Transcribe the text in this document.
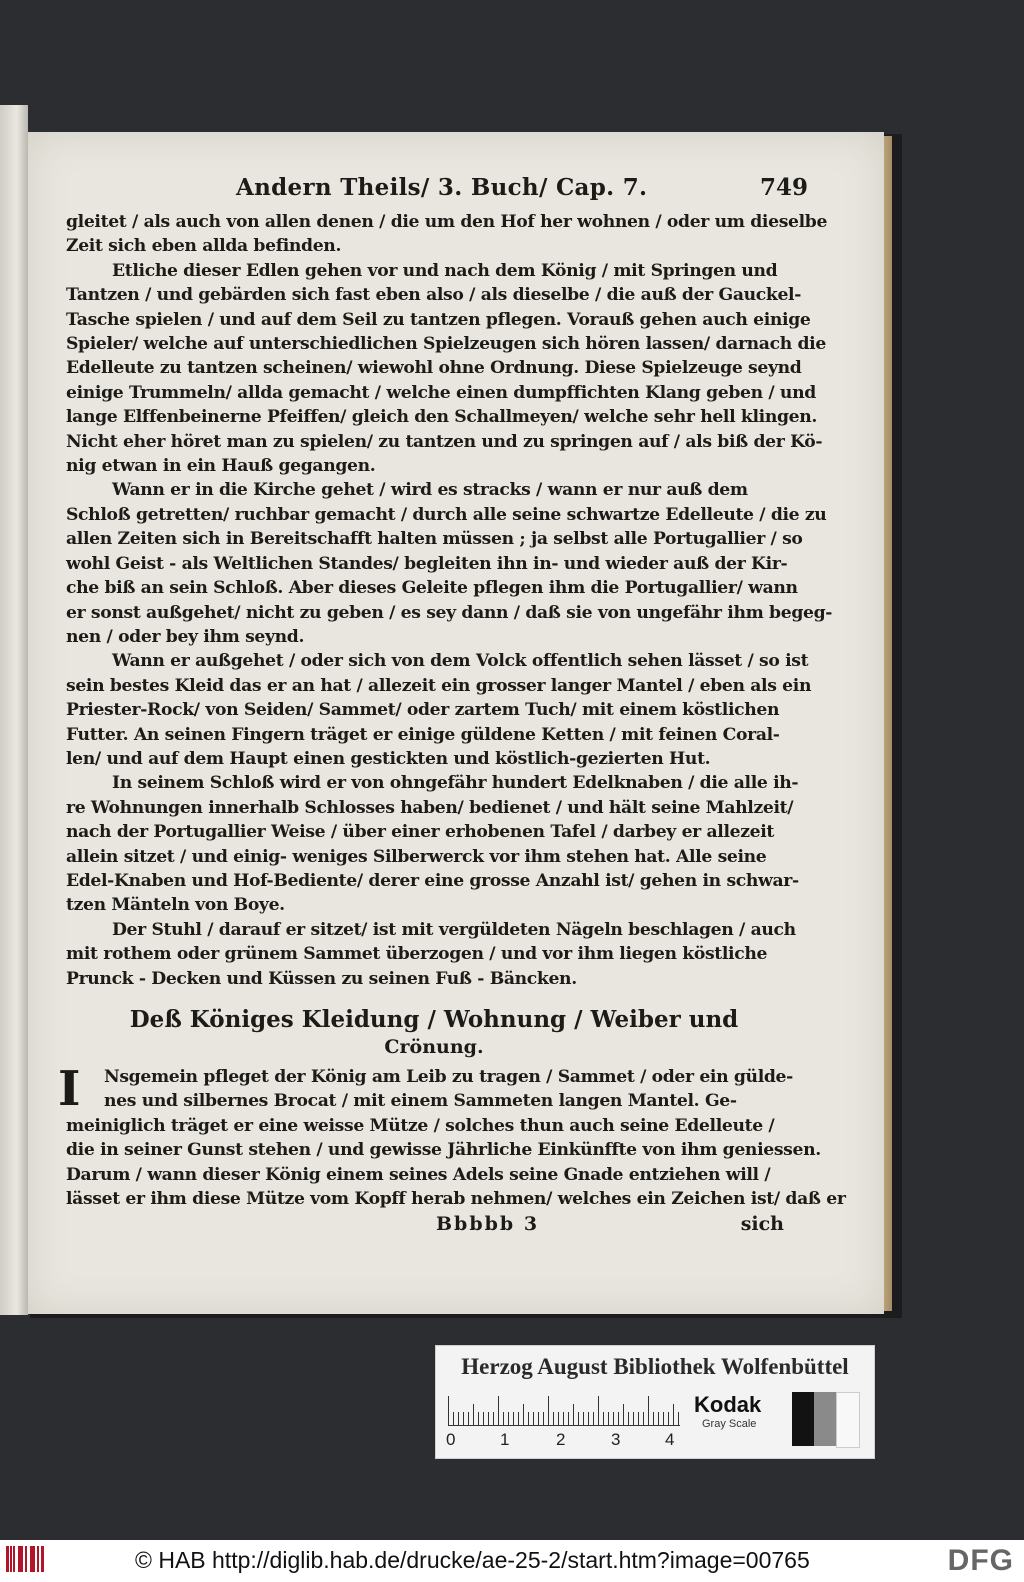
Andern Theils/ 3. Buch/ Cap. 7.	749
gleitet / als auch von allen denen / die um den Hof her wohnen / oder um dieselbe
Zeit sich eben allda befinden.
Etliche dieser Edlen gehen vor und nach dem König / mit Springen und
Tantzen / und gebärden sich fast eben also / als dieselbe / die auß der Gauckel-
Tasche spielen / und auf dem Seil zu tantzen pflegen. Vorauß gehen auch einige
Spieler/ welche auf unterschiedlichen Spielzeugen sich hören lassen/ darnach die
Edelleute zu tantzen scheinen/ wiewohl ohne Ordnung. Diese Spielzeuge seynd
einige Trummeln/ allda gemacht / welche einen dumpffichten Klang geben / und
lange Elffenbeinerne Pfeiffen/ gleich den Schallmeyen/ welche sehr hell klingen.
Nicht eher höret man zu spielen/ zu tantzen und zu springen auf / als biß der Kö-
nig etwan in ein Hauß gegangen.
Wann er in die Kirche gehet / wird es stracks / wann er nur auß dem
Schloß getretten/ ruchbar gemacht / durch alle seine schwartze Edelleute / die zu
allen Zeiten sich in Bereitschafft halten müssen ; ja selbst alle Portugallier / so
wohl Geist - als Weltlichen Standes/ begleiten ihn in- und wieder auß der Kir-
che biß an sein Schloß. Aber dieses Geleite pflegen ihm die Portugallier/ wann
er sonst außgehet/ nicht zu geben / es sey dann / daß sie von ungefähr ihm begeg-
nen / oder bey ihm seynd.
Wann er außgehet / oder sich von dem Volck offentlich sehen lässet / so ist
sein bestes Kleid das er an hat / allezeit ein grosser langer Mantel / eben als ein
Priester-Rock/ von Seiden/ Sammet/ oder zartem Tuch/ mit einem köstlichen
Futter. An seinen Fingern träget er einige güldene Ketten / mit feinen Coral-
len/ und auf dem Haupt einen gestickten und köstlich-gezierten Hut.
In seinem Schloß wird er von ohngefähr hundert Edelknaben / die alle ih-
re Wohnungen innerhalb Schlosses haben/ bedienet / und hält seine Mahlzeit/
nach der Portugallier Weise / über einer erhobenen Tafel / darbey er allezeit
allein sitzet / und einig- weniges Silberwerck vor ihm stehen hat. Alle seine
Edel-Knaben und Hof-Bediente/ derer eine grosse Anzahl ist/ gehen in schwar-
tzen Mänteln von Boye.
Der Stuhl / darauf er sitzet/ ist mit vergüldeten Nägeln beschlagen / auch
mit rothem oder grünem Sammet überzogen / und vor ihm liegen köstliche
Prunck - Decken und Küssen zu seinen Fuß - Bäncken.
Deß Königes Kleidung / Wohnung / Weiber und
Crönung.
I	Nsgemein pfleget der König am Leib zu tragen / Sammet / oder ein gülde-
nes und silbernes Brocat / mit einem Sammeten langen Mantel. Ge-
meiniglich träget er eine weisse Mütze / solches thun auch seine Edelleute /
die in seiner Gunst stehen / und gewisse Jährliche Einkünffte von ihm geniessen.
Darum / wann dieser König einem seines Adels seine Gnade entziehen will /
lässet er ihm diese Mütze vom Kopff herab nehmen/ welches ein Zeichen ist/ daß er
Bbbbb 3	sich
Herzog August Bibliothek Wolfenbüttel
0	1	2	3	4
Kodak
Gray Scale
© HAB http://diglib.hab.de/drucke/ae-25-2/start.htm?image=00765	DFG
